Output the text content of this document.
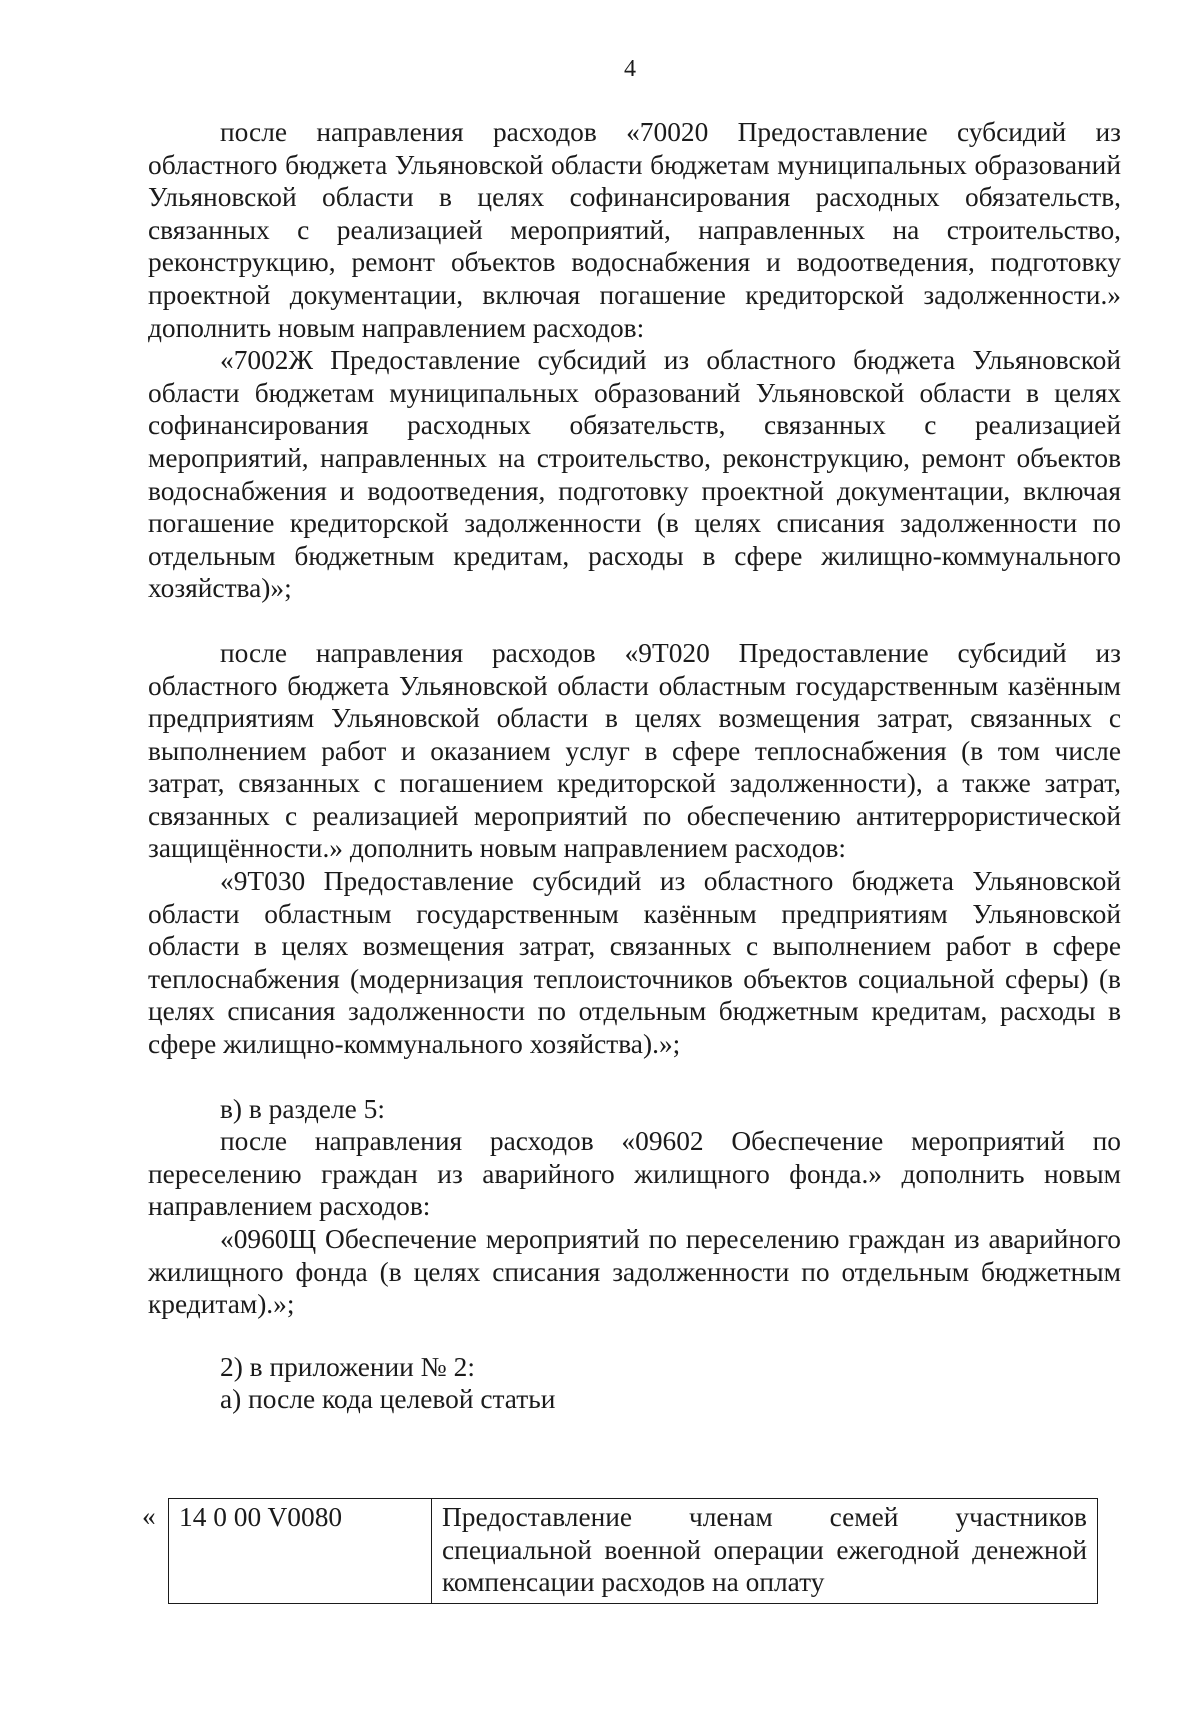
4

после направления расходов «70020 Предоставление субсидий из областного бюджета Ульяновской области бюджетам муниципальных образований Ульяновской области в целях софинансирования расходных обязательств, связанных с реализацией мероприятий, направленных на строительство, реконструкцию, ремонт объектов водоснабжения и водоотведения, подготовку проектной документации, включая погашение кредиторской задолженности.» дополнить новым направлением расходов:

«7002Ж Предоставление субсидий из областного бюджета Ульяновской области бюджетам муниципальных образований Ульяновской области в целях софинансирования расходных обязательств, связанных с реализацией мероприятий, направленных на строительство, реконструкцию, ремонт объектов водоснабжения и водоотведения, подготовку проектной документации, включая погашение кредиторской задолженности (в целях списания задолженности по отдельным бюджетным кредитам, расходы в сфере жилищно-коммунального хозяйства)»;

после направления расходов «9Т020 Предоставление субсидий из областного бюджета Ульяновской области областным государственным казённым предприятиям Ульяновской области в целях возмещения затрат, связанных с выполнением работ и оказанием услуг в сфере теплоснабжения (в том числе затрат, связанных с погашением кредиторской задолженности), а также затрат, связанных с реализацией мероприятий по обеспечению антитеррористической защищённости.» дополнить новым направлением расходов:

«9Т030 Предоставление субсидий из областного бюджета Ульяновской области областным государственным казённым предприятиям Ульяновской области в целях возмещения затрат, связанных с выполнением работ в сфере теплоснабжения (модернизация теплоисточников объектов социальной сферы) (в целях списания задолженности по отдельным бюджетным кредитам, расходы в сфере жилищно-коммунального хозяйства).»;

в) в разделе 5:

после направления расходов «09602 Обеспечение мероприятий по переселению граждан из аварийного жилищного фонда.» дополнить новым направлением расходов:

«0960Щ Обеспечение мероприятий по переселению граждан из аварийного жилищного фонда (в целях списания задолженности по отдельным бюджетным кредитам).»;

2) в приложении № 2:

а) после кода целевой статьи

« 14 0 00 V0080	Предоставление членам семей участников специальной военной операции ежегодной денежной компенсации расходов на оплату
